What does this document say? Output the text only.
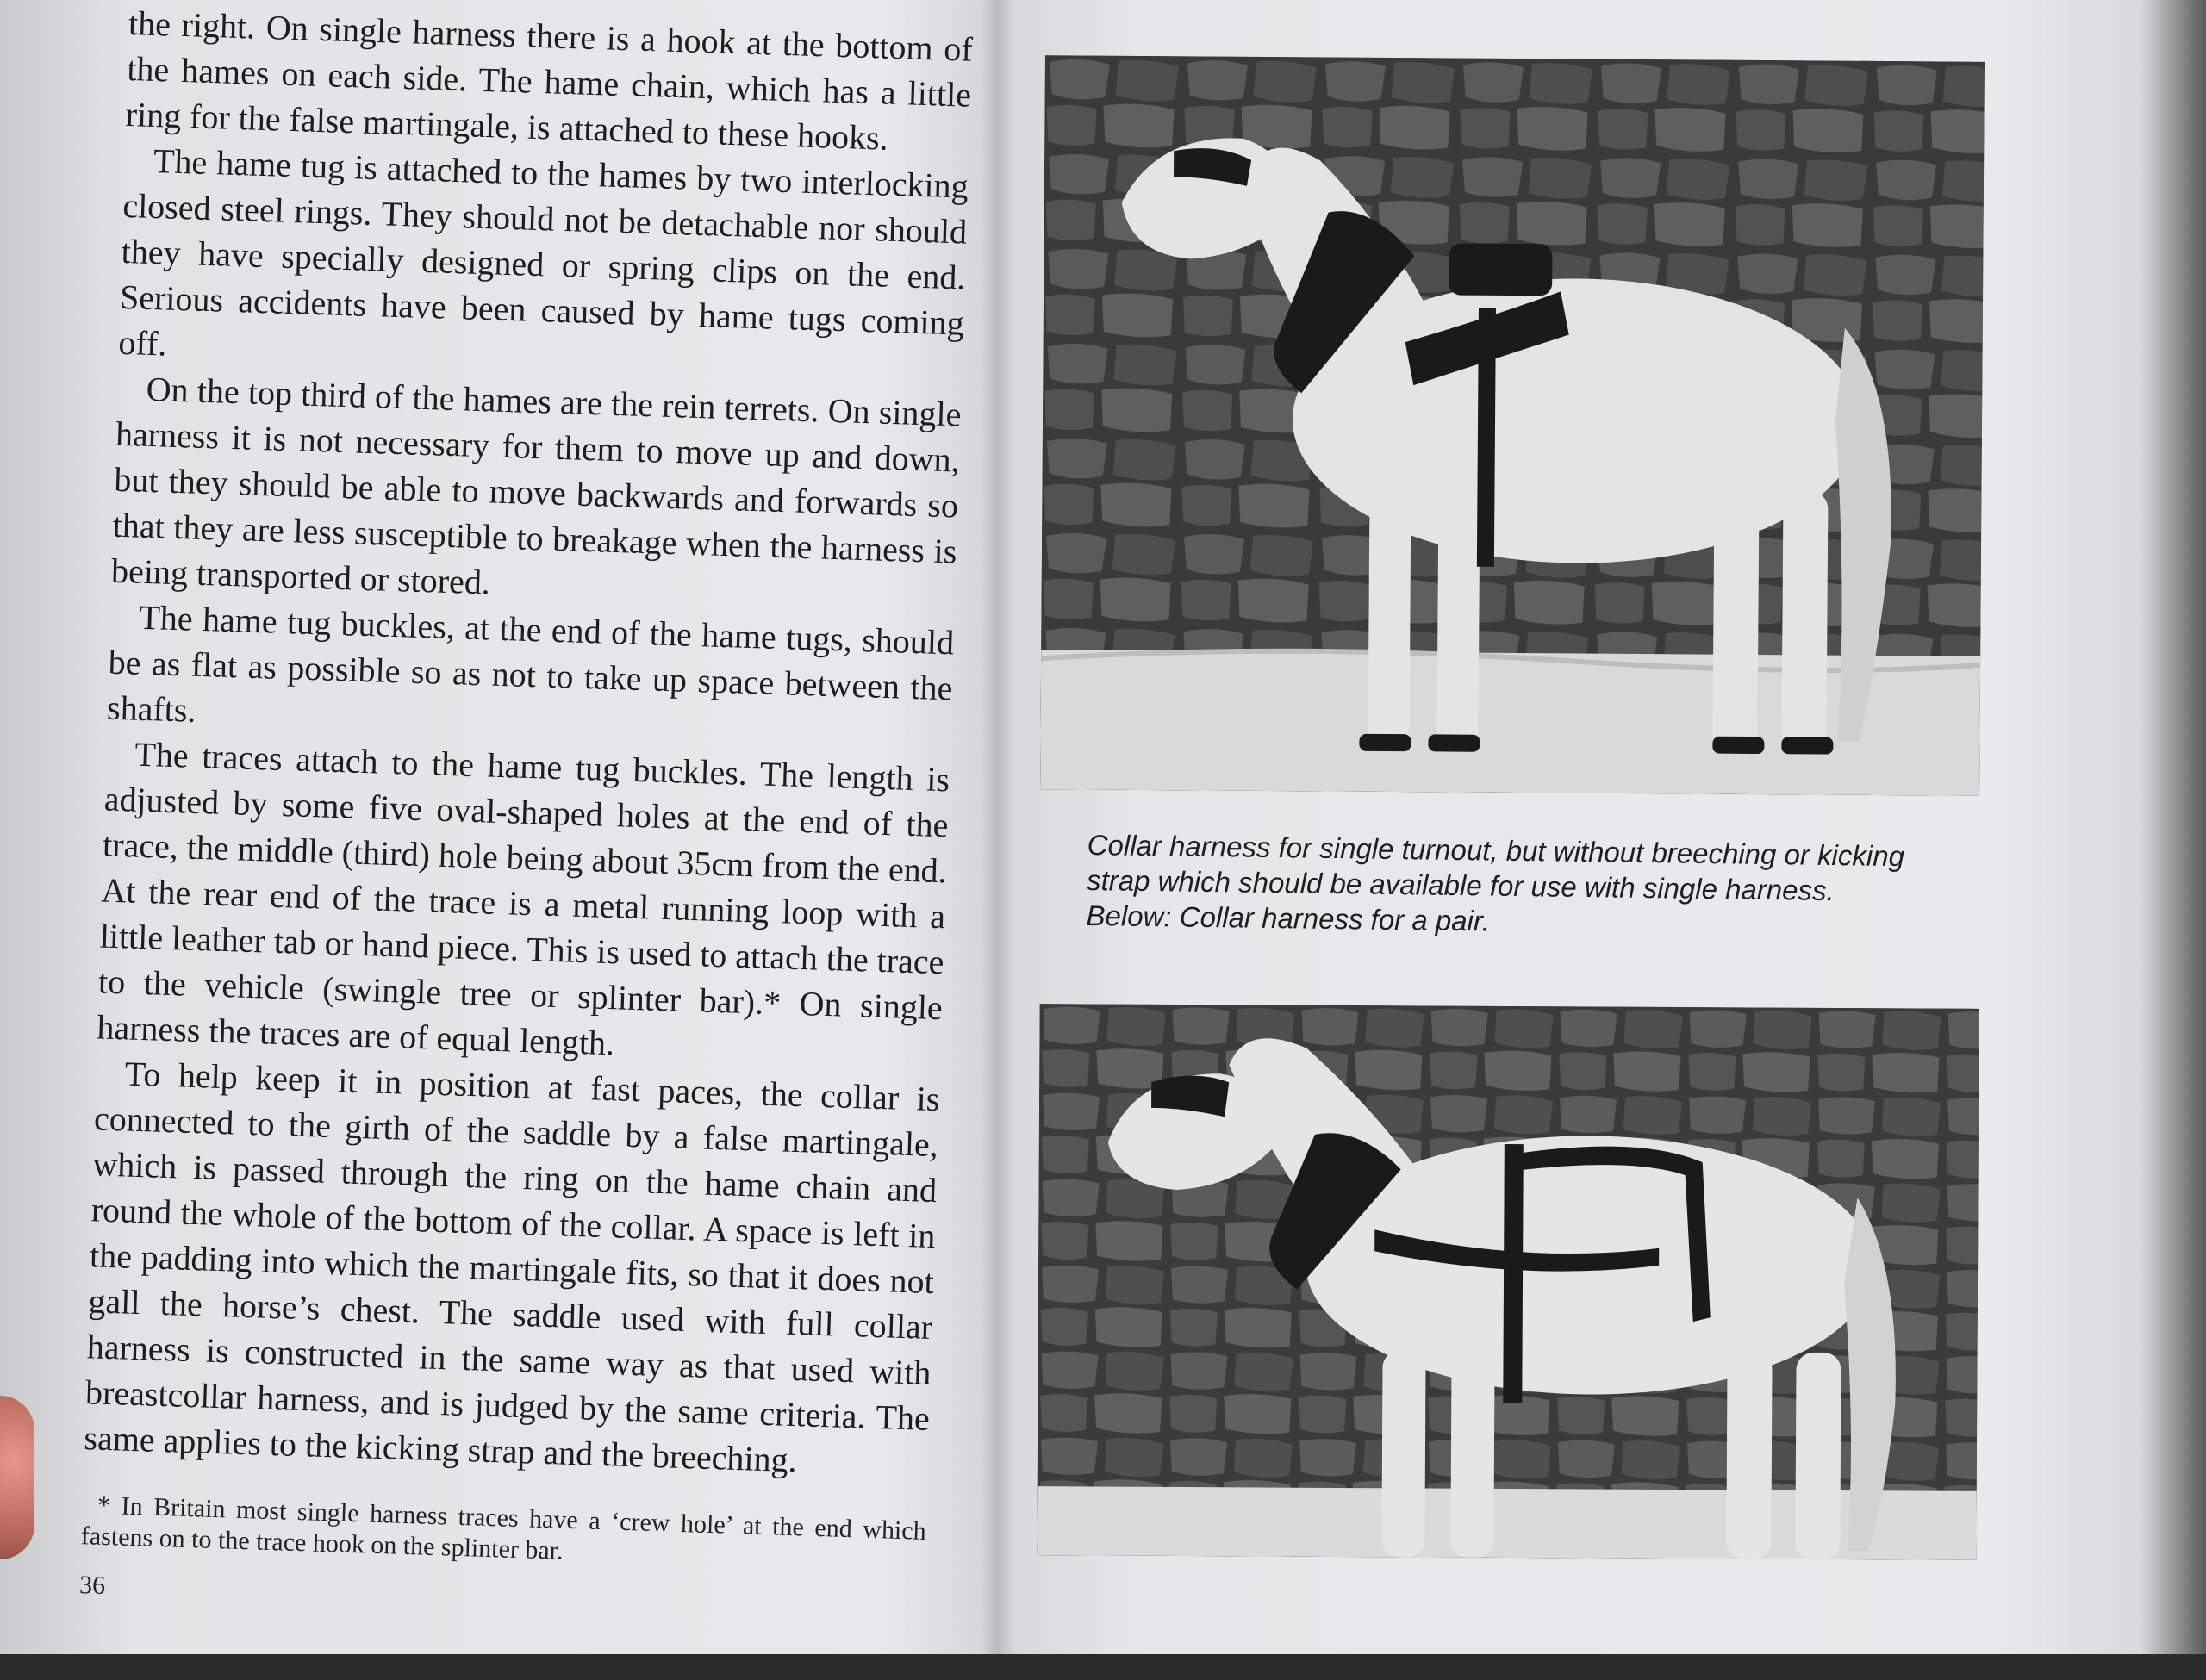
the right. On single harness there is a hook at the bottom of the hames on each side. The hame chain, which has a little ring for the false martingale, is attached to these hooks.

The hame tug is attached to the hames by two interlocking closed steel rings. They should not be detachable nor should they have specially designed or spring clips on the end. Serious accidents have been caused by hame tugs coming off.

On the top third of the hames are the rein terrets. On single harness it is not necessary for them to move up and down, but they should be able to move backwards and forwards so that they are less susceptible to breakage when the harness is being transported or stored.

The hame tug buckles, at the end of the hame tugs, should be as flat as possible so as not to take up space between the shafts.

The traces attach to the hame tug buckles. The length is adjusted by some five oval-shaped holes at the end of the trace, the middle (third) hole being about 35cm from the end. At the rear end of the trace is a metal running loop with a little leather tab or hand piece. This is used to attach the trace to the vehicle (swingle tree or splinter bar).* On single harness the traces are of equal length.

To help keep it in position at fast paces, the collar is connected to the girth of the saddle by a false martingale, which is passed through the ring on the hame chain and round the whole of the bottom of the collar. A space is left in the padding into which the martingale fits, so that it does not gall the horse’s chest. The saddle used with full collar harness is constructed in the same way as that used with breastcollar harness, and is judged by the same criteria. The same applies to the kicking strap and the breeching.

* In Britain most single harness traces have a ‘crew hole’ at the end which fastens on to the trace hook on the splinter bar.

36
Collar harness for single turnout, but without breeching or kicking strap which should be available for use with single harness.
Below: Collar harness for a pair.
